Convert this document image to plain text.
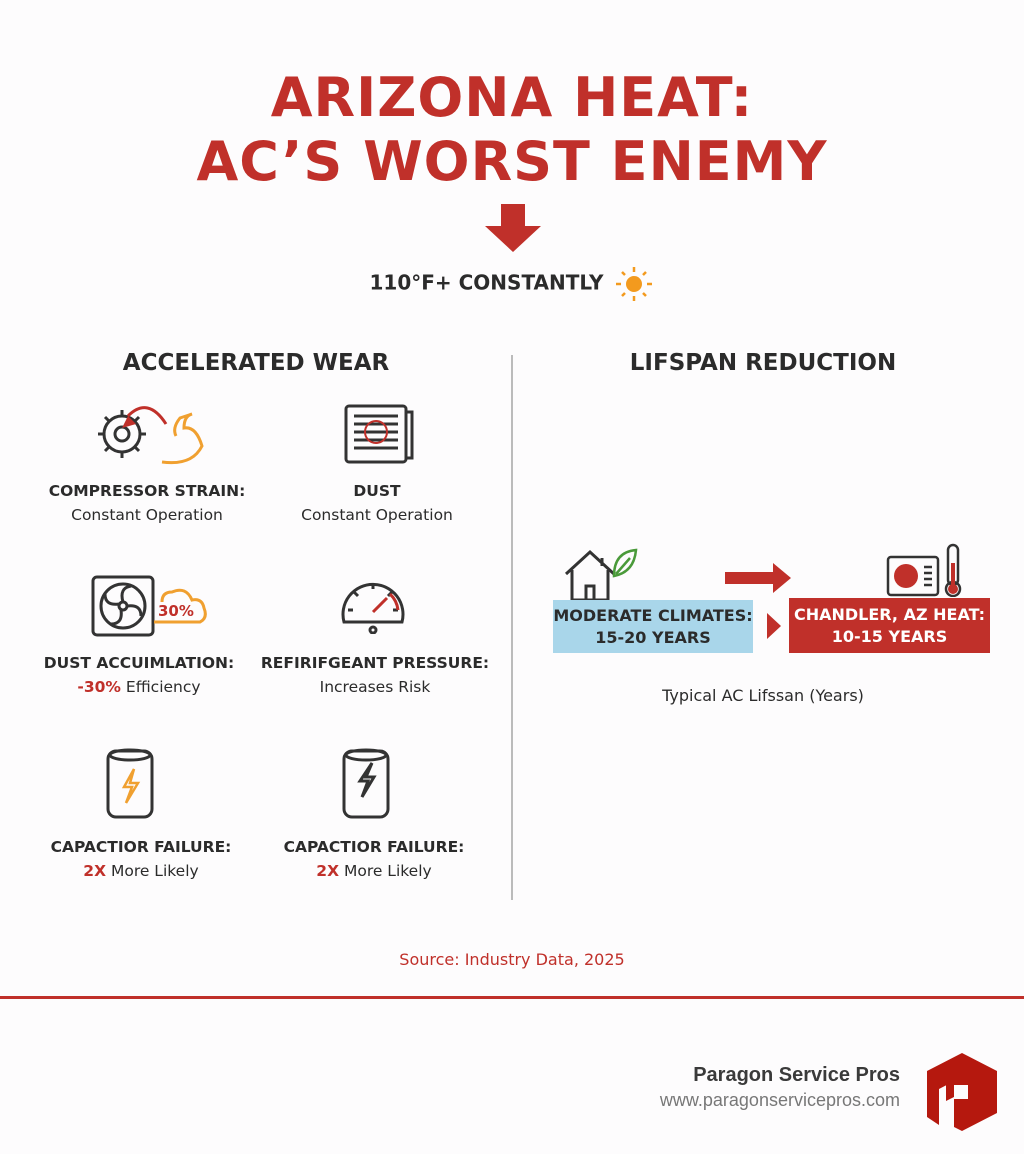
ARIZONA HEAT:
AC’S WORST ENEMY
110°F+ CONSTANTLY
ACCELERATED WEAR	LIFSPAN REDUCTION
30%
COMPRESSOR STRAIN:
Constant Operation
DUST
Constant Operation
DUST ACCUIMLATION:
-30% Efficiency
REFIRIFGEANT PRESSURE:
Increases Risk
CAPACTIOR FAILURE:
2X More Likely
CAPACTIOR FAILURE:
2X More Likely
MODERATE CLIMATES:
15-20 YEARS
CHANDLER, AZ HEAT:
10-15 YEARS
Typical AC Lifssan (Years)
Source: Industry Data, 2025
Paragon Service Pros
www.paragonservicepros.com
